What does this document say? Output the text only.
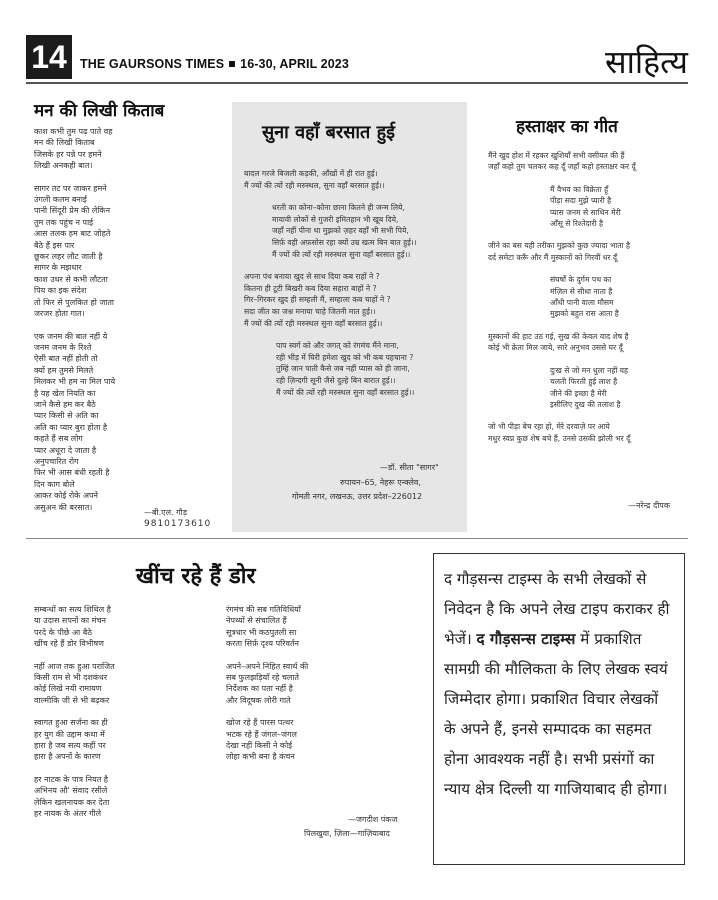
14	THE GAURSONS TIMES 16-30, APRIL 2023	साहित्य
मन की लिखी किताब
काश कभी तुम पढ़ पाते वह
मन की लिखी किताब
जिसके हर पन्ने पर हमने
लिखी अनकही बात।
सागर तट पर जाकर हमने
उंगली कलम बनाई
पानी सिंदूरी प्रेम की लेकिन
तुम तक पहुंच न पाई
आस तलक हम बाट जोहते
बैठे हैं इस पार
छूकर लहर लौट जाती है
सागर के मझधार
काश उधर से कभी लौटता
पिय का इक संदेश
तो फिर से पुलकित हो जाता
जरजर होता गात।
एक जनम की बात नहीं ये
जनम जनम के रिश्ते
ऐसी बात नहीं होती तो
क्यों हम तुमसे मिलते
मिलकर भी हम ना मिल पाये
है यह खेल नियति का
जाने कैसे हम कर बैठे
प्यार किसी से अति का
अति का प्यार बुरा होता है
कहते हैं सब लोग
प्यार अधूरा दे जाता है
अनुपचारित रोग
फिर भी आस बंधी रहती है
दिन काग बोले
आकर कोई रोके अपने
असुअन की बरसात।
—बी.एल. गौड़
9810173610
सुना वहाँ बरसात हुई
बादल गरजे बिजली कड़की, आँखों में ही रात हुई।
मैं ज्यों की त्यों रही मरुस्थल, सुना वहाँ बरसात हुई।।
धरती का कोना–कोना छाना कितने ही जन्म लिये,
मायावी लोकों से गुजरी इमितहान भी खूब दिये,
जहाँ नहीं पीना था मुझको ज़हर वहाँ भी सभी पिये,
सिर्फ़ वही अफ़सोस रहा क्यों उम्र खत्म बिन बात हुई।।
मैं ज्यों की त्यों रही मरुस्थल सुना वहाँ बरसात हुई।।
अपना पंथ बनाया खुद से साथ दिया कब राहों ने ?
कितना ही टूटी बिखरी कब दिया सहारा बाहों ने ?
गिर–गिरकर खुद ही सम्हली मैं, सम्हाला कब चाहों ने ?
सदा जीत का जश्न मनाया चाहे जितनी मात हुई।।
मैं ज्यों की त्यों रही मरुस्थल सुना वहाँ बरसात हुई।।
पाप स्वर्ग को और जगत् को रंगमंच मैंने माना,
रही भीड़ में घिरी हमेशा खुद को भी कब पहचाना ?
तुम्हिं जान पाती कैसे जब नहीं प्यास को ही जाना,
रही ज़िन्दगी सूनी जैसे दुल्हे बिन बारात हुई।।
मैं ज्यों की त्यों रही मरुस्थल सुना वहाँ बरसात हुई।।
—डॉ. सीता "सागर"
रुपायन–65, नेहरू एन्क्लेव,
गोमती नगर, लखनऊ, उत्तर प्रदेश–226012
हस्ताक्षर का गीत
मैंने खुद होश में रहकर खुशियाँ सभी वसीयत की हैं
जहाँ कहो तुम चलकर कह दूँ जहाँ कहो हस्ताक्षर कर दूँ
मैं वैभव का विक्रेता हूँ
पीड़ा सदा मुझे प्यारी है
प्यास जनम से साथिन मेरी
आँसू से रिश्तेदारी है
जीने का बस यही तरीका मुझको कुछ ज्यादा भाता है
दर्द समेटा करूँ और मैं मुस्कानों को गिरवीं धर दूँ
संघर्षों के दुर्गम पथ का
मंज़िल से सीधा नाता है
आँधी पानी वाला मौसम
मुझको बहुत रास आता है
मुस्कानों की हाट उठ गई, सुख की केवल याद शेष है
कोई भी क्रेता मिल जाये, सारे अनुभव उससे घर दूँ
दुःख से जो मन धुला नहीं वह
चलती फिरती हुई लाश है
जीने की इच्छा है मेरी
इसीलिए दुख की तलाश है
जो भी पीड़ा बेच रहा हो, मेरे दरवाज़े पर आये
मधुर स्वप्न कुछ शेष बचे हैं, उनसे उसकी झोली भर दूँ
—नरेन्द्र दीपक
खींच रहे हैं डोर
सम्बन्धों का सत्य शिथिल है
या उदास सपनों का मंचन
परदे के पीछे आ बैठे
खींच रहे हैं डोर विभीषण
नहीं आज तक हुआ पराजित
किसी राम से भी दशकंधर
कोई लिखे नयी रामायण
वाल्मीकि जी से भी बढ़कर
स्वागत हुआ सर्जना का ही
हर युग की उद्दाम कथा में
हारा है जब सत्य कहीं पर
हारा है अपनों के कारण
हर नाटक के पात्र नियत है
अभिनय औ' संवाद रसीले
लेकिन खलनायक कर देता
हर नायक के अंतर गीले
रंगमंच की सब गतिविधियाँ
नेपथ्यों से संचालित हैं
सूत्रधार भी कठपुतली सा
करता सिर्फ़ दृश्य परिवर्तन
अपने–अपने निहित स्वार्थ की
सब फुलझड़ियाँ रहे चलाते
निर्देशक का पता नहीं है
और विदूषक लोरी गाते
खोज रहे हैं पारस पत्थर
भटक रहे हैं जंगल–जंगल
देखा नहीं किसी ने कोई
लोहा कभी बना है कंचन
—जगदीश पंकज
पिलखुवा, ज़िला—गाज़ियाबाद

द गौड़सन्स टाइम्स के सभी लेखकों से निवेदन है कि अपने लेख टाइप कराकर ही भेजें। द गौड़सन्स टाइम्स में प्रकाशित सामग्री की मौलिकता के लिए लेखक स्वयं जिम्मेदार होगा। प्रकाशित विचार लेखकों के अपने हैं, इनसे सम्पादक का सहमत होना आवश्यक नहीं है। सभी प्रसंगों का न्याय क्षेत्र दिल्ली या गाजियाबाद ही होगा।
